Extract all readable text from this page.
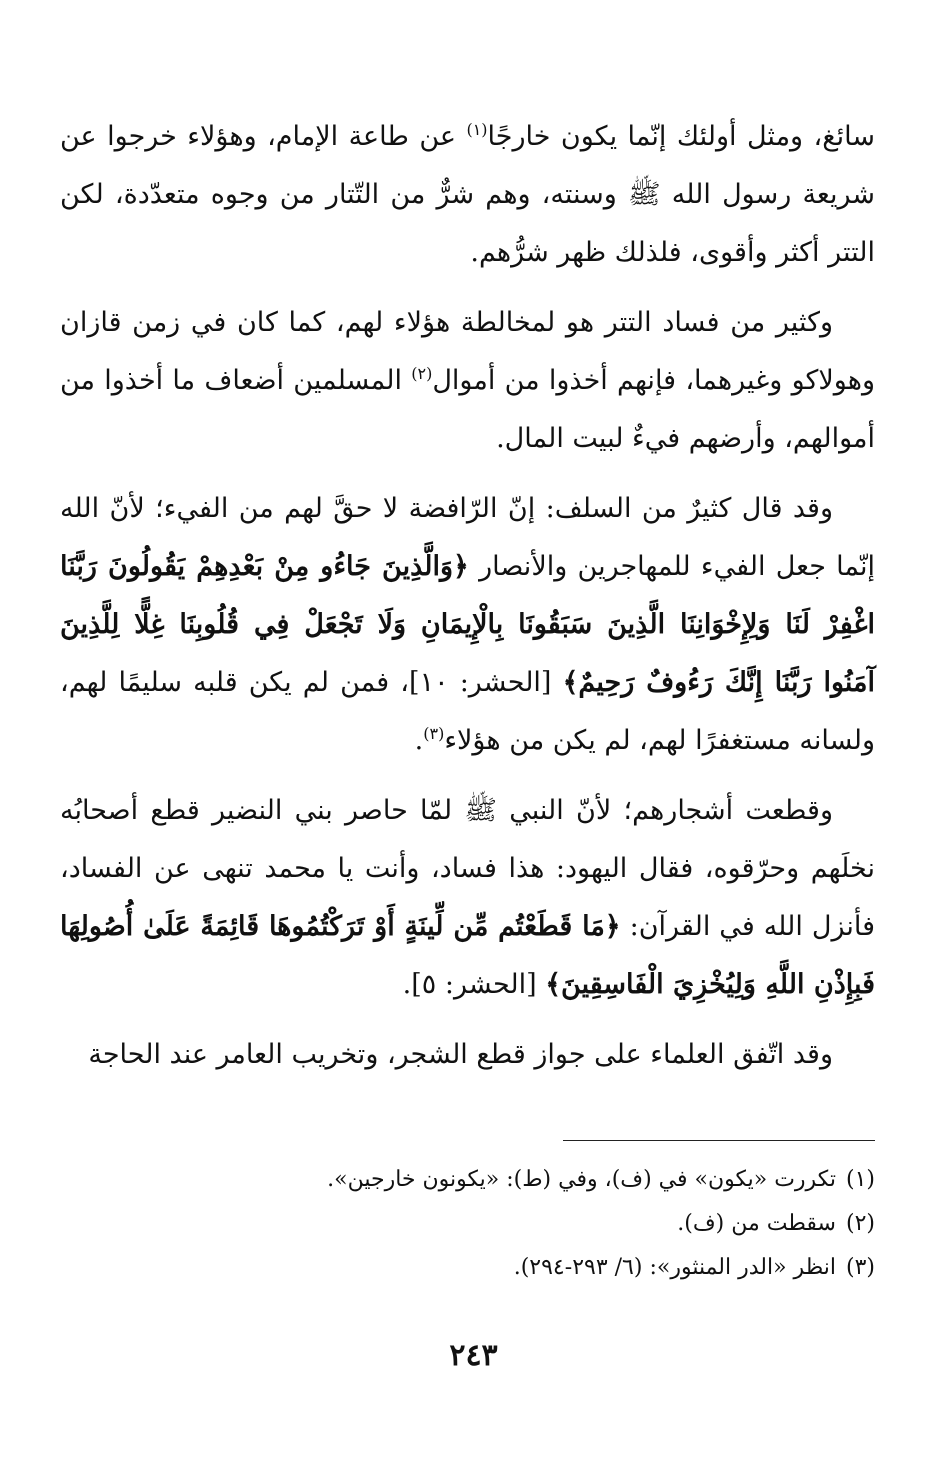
سائغ، ومثل أولئك إنّما يكون خارجًا$^{(١)}$ عن طاعة الإمام، وهؤلاء خرجوا عن شريعة رسول الله ﷺ وسنته، وهم شرٌّ من التّتار من وجوه متعدّدة، لكن التتر أكثر وأقوى، فلذلك ظهر شرُّهم.

وكثير من فساد التتر هو لمخالطة هؤلاء لهم، كما كان في زمن قازان وهولاكو وغيرهما، فإنهم أخذوا من أموال$^{(٢)}$ المسلمين أضعاف ما أخذوا من أموالهم، وأرضهم فيءٌ لبيت المال.

وقد قال كثيرٌ من السلف: إنّ الرّافضة لا حقَّ لهم من الفيء؛ لأنّ الله إنّما جعل الفيء للمهاجرين والأنصار ﴿وَالَّذِينَ جَاءُو مِنْ بَعْدِهِمْ يَقُولُونَ رَبَّنَا اغْفِرْ لَنَا وَلِإِخْوَانِنَا الَّذِينَ سَبَقُونَا بِالْإِيمَانِ وَلَا تَجْعَلْ فِي قُلُوبِنَا غِلًّا لِلَّذِينَ آمَنُوا رَبَّنَا إِنَّكَ رَءُوفٌ رَحِيمٌ﴾ [الحشر: ١٠]، فمن لم يكن قلبه سليمًا لهم، ولسانه مستغفرًا لهم، لم يكن من هؤلاء$^{(٣)}$.

وقطعت أشجارهم؛ لأنّ النبي ﷺ لمّا حاصر بني النضير قطع أصحابُه نخلَهم وحرّقوه، فقال اليهود: هذا فساد، وأنت يا محمد تنهى عن الفساد، فأنزل الله في القرآن: ﴿مَا قَطَعْتُم مِّن لِّينَةٍ أَوْ تَرَكْتُمُوهَا قَائِمَةً عَلَىٰ أُصُولِهَا فَبِإِذْنِ اللَّهِ وَلِيُخْزِيَ الْفَاسِقِينَ﴾ [الحشر: ٥].

وقد اتّفق العلماء على جواز قطع الشجر، وتخريب العامر عند الحاجة

(١)تكررت «يكون» في (ف)، وفي (ط): «يكونون خارجين».

(٢)سقطت من (ف).

(٣)انظر «الدر المنثور»: (٦/ ٢٩٣-٢٩٤).

٢٤٣
